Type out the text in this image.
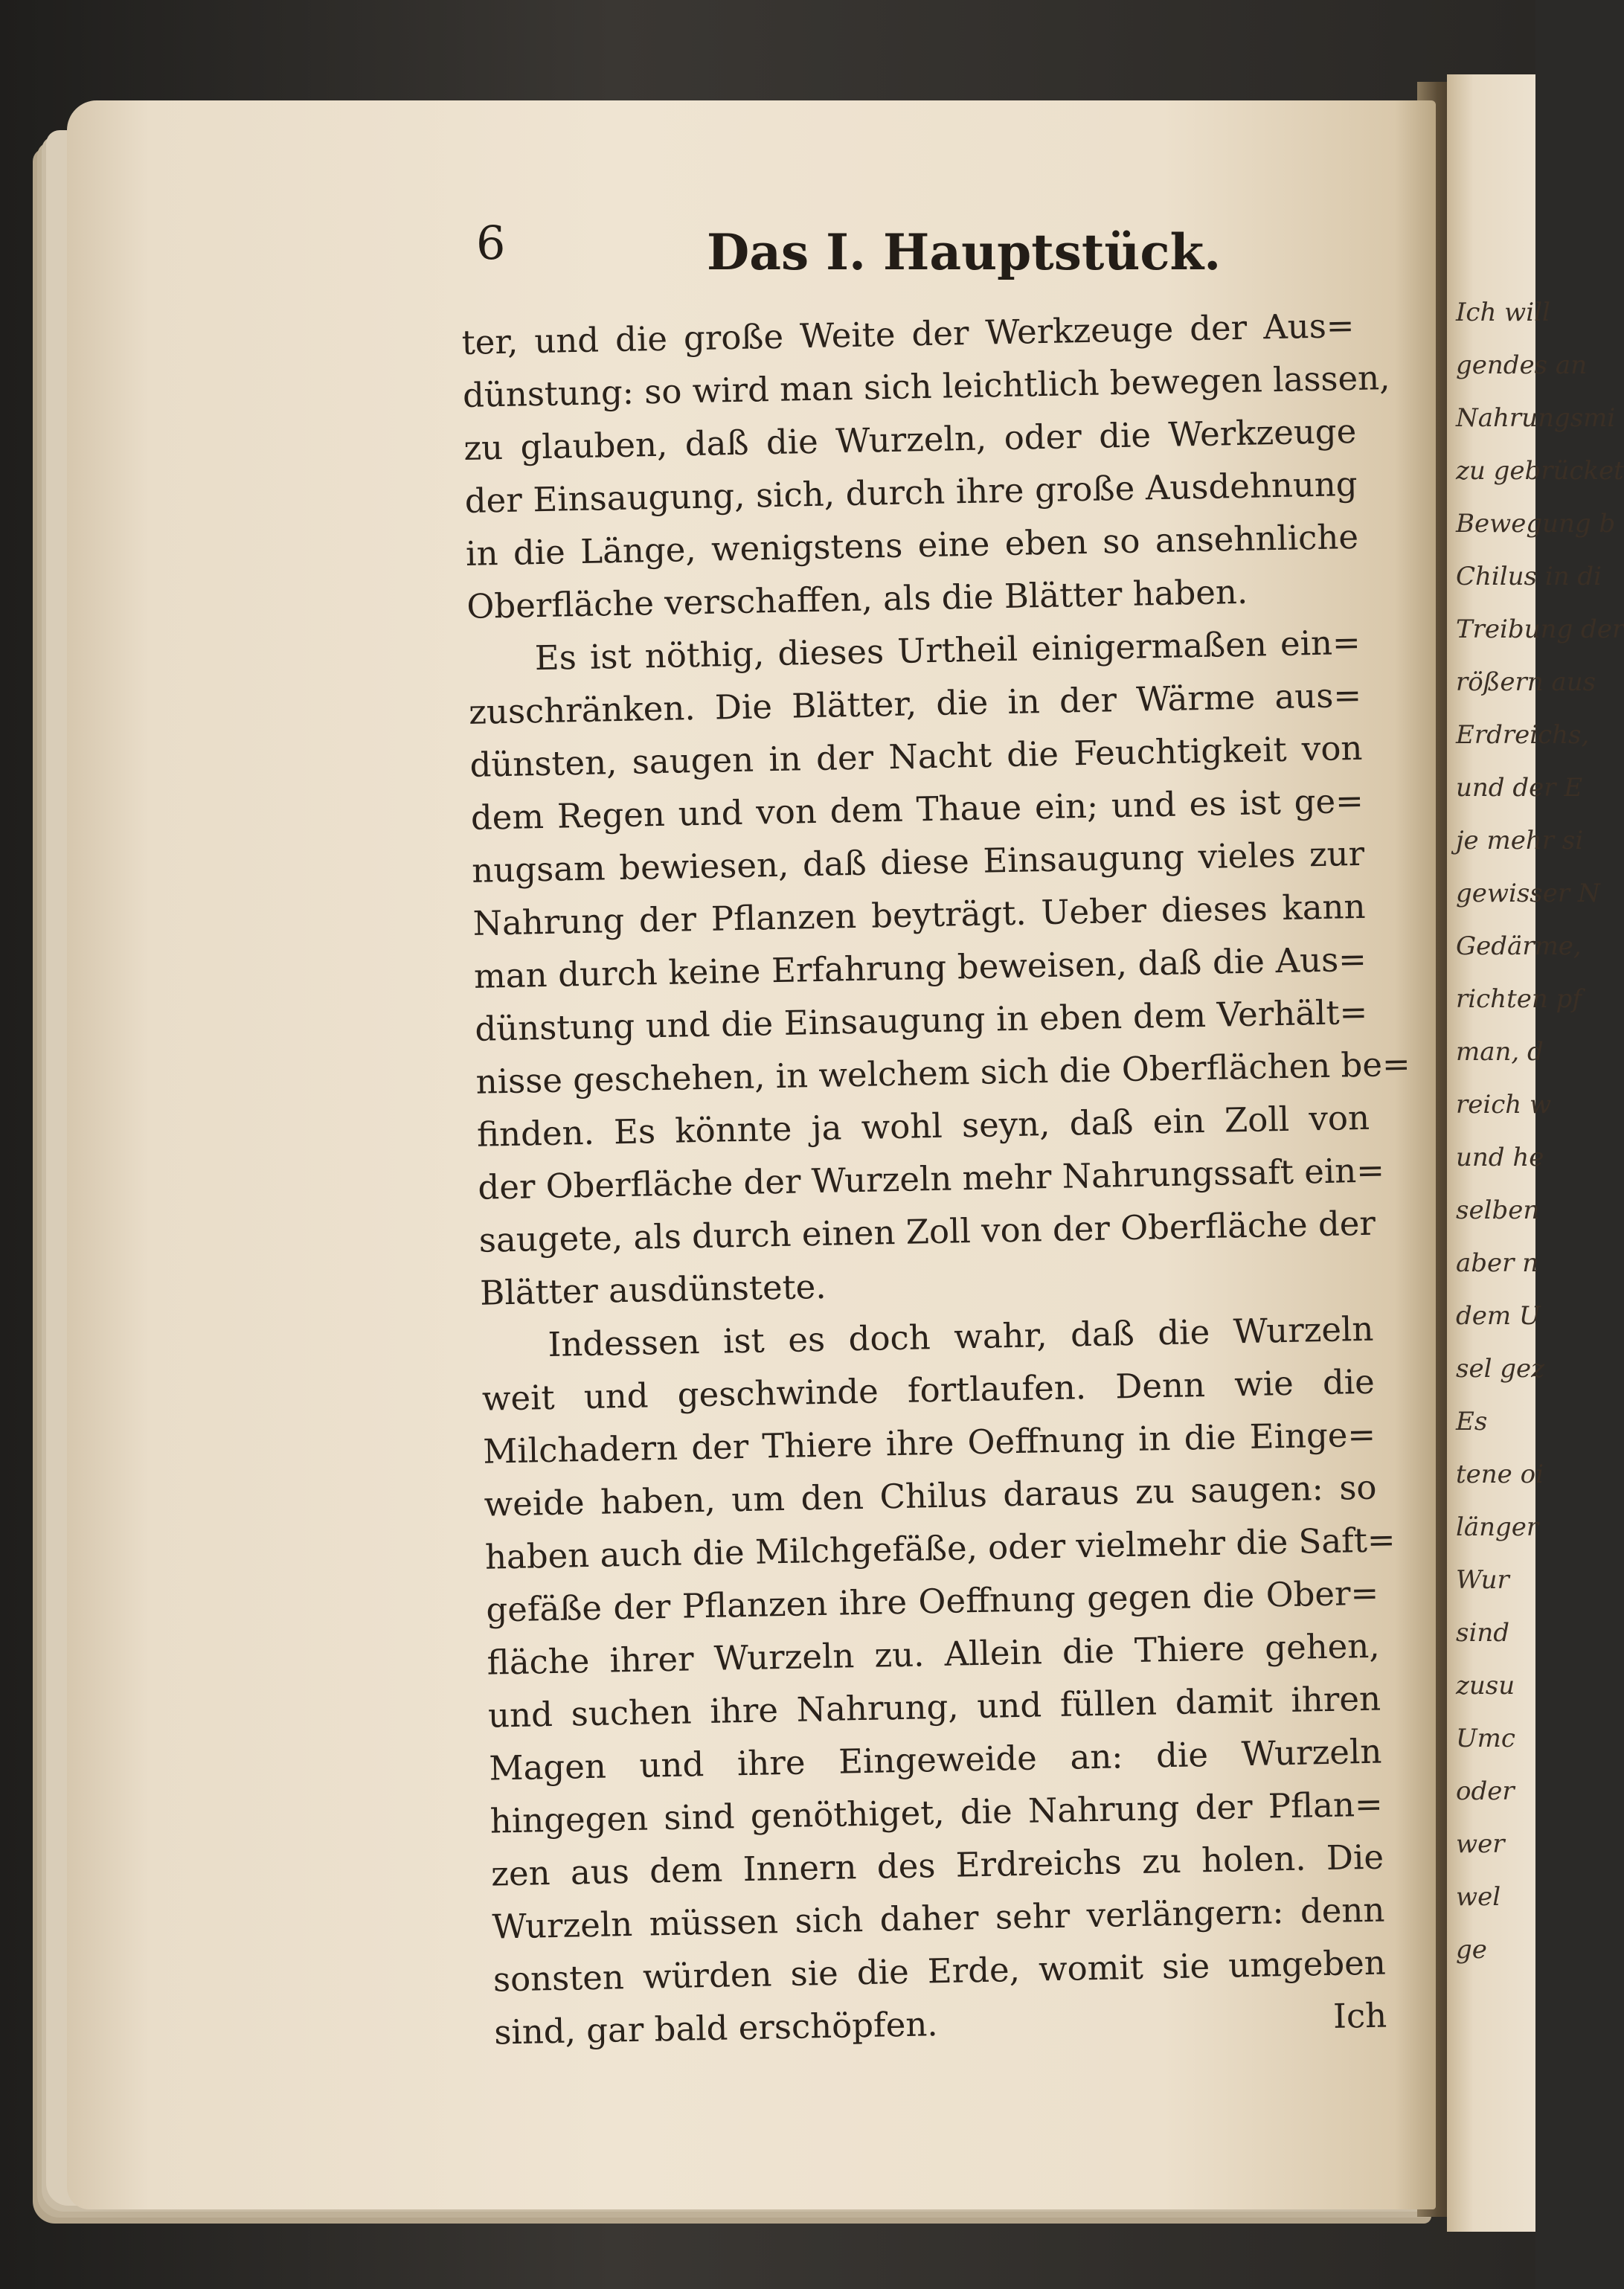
Ich will
gendes an
Nahrungsmi
zu gebrücket
Bewegung b
Chilus in di
Treibung der
rößern aus
Erdreichs,
und der E
je mehr si
gewisser N
Gedärme,
richten pf
man, d
reich w
und he
selben
aber n
dem U
sel gez
Es
tene oi
länger
Wur
sind
zusu
Umc
oder
wer
wel
ge
6	Das I. Hauptstück.
ter, und die große Weite der Werkzeuge der Aus=
dünstung: so wird man sich leichtlich bewegen lassen,
zu glauben, daß die Wurzeln, oder die Werkzeuge
der Einsaugung, sich, durch ihre große Ausdehnung
in die Länge, wenigstens eine eben so ansehnliche
Oberfläche verschaffen, als die Blätter haben.
Es ist nöthig, dieses Urtheil einigermaßen ein=
zuschränken. Die Blätter, die in der Wärme aus=
dünsten, saugen in der Nacht die Feuchtigkeit von
dem Regen und von dem Thaue ein; und es ist ge=
nugsam bewiesen, daß diese Einsaugung vieles zur
Nahrung der Pflanzen beyträgt. Ueber dieses kann
man durch keine Erfahrung beweisen, daß die Aus=
dünstung und die Einsaugung in eben dem Verhält=
nisse geschehen, in welchem sich die Oberflächen be=
finden. Es könnte ja wohl seyn, daß ein Zoll von
der Oberfläche der Wurzeln mehr Nahrungssaft ein=
saugete, als durch einen Zoll von der Oberfläche der
Blätter ausdünstete.
Indessen ist es doch wahr, daß die Wurzeln
weit und geschwinde fortlaufen. Denn wie die
Milchadern der Thiere ihre Oeffnung in die Einge=
weide haben, um den Chilus daraus zu saugen: so
haben auch die Milchgefäße, oder vielmehr die Saft=
gefäße der Pflanzen ihre Oeffnung gegen die Ober=
fläche ihrer Wurzeln zu. Allein die Thiere gehen,
und suchen ihre Nahrung, und füllen damit ihren
Magen und ihre Eingeweide an: die Wurzeln
hingegen sind genöthiget, die Nahrung der Pflan=
zen aus dem Innern des Erdreichs zu holen. Die
Wurzeln müssen sich daher sehr verlängern: denn
sonsten würden sie die Erde, womit sie umgeben
sind, gar bald erschöpfen.	Ich
